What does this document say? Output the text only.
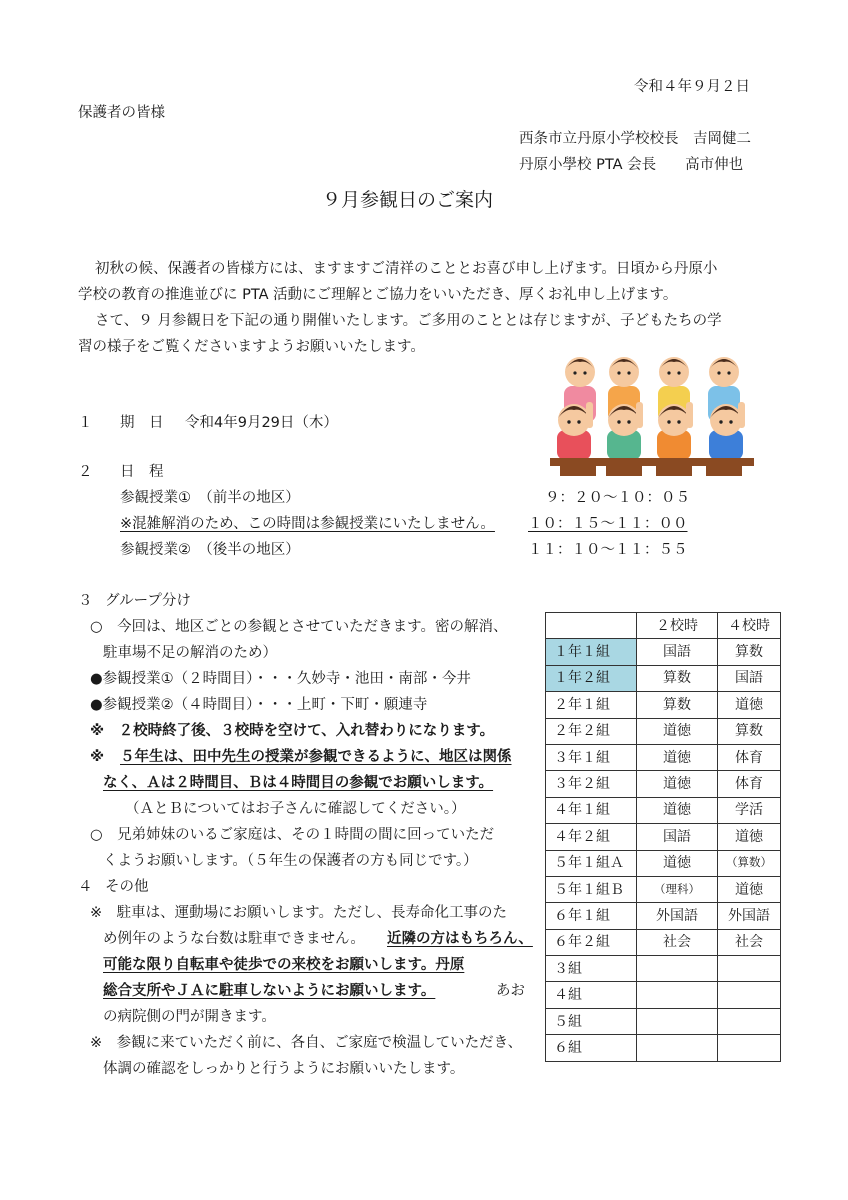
令和４年９月２日
保護者の皆様
西条市立丹原小学校校長　吉岡健二
丹原小學校 PTA 会長　　高市伸也
９月参観日のご案内
初秋の候、保護者の皆様方には、ますますご清祥のこととお喜び申し上げます。日頃から丹原小
学校の教育の推進並びに PTA 活動にご理解とご協力をいいただき、厚くお礼申し上げます。
さて、９ 月参観日を下記の通り開催いたします。ご多用のこととは存じますが、子どもたちの学
習の様子をご覧くださいますようお願いいたします。
１ 期　日 令和4年9月29日（木）
２ 日　程
参観授業①　（前半の地区）	９：２０～１０：０５
※混雑解消のため、この時間は参観授業にいたしません。 １０：１５～１１：００
参観授業②　（後半の地区）	１１：１０～１１：５５
３ グループ分け
○　今回は、地区ごとの参観とさせていただきます。密の解消、
駐車場不足の解消のため）
●参観授業①（２時間目）・・・久妙寺・池田・南部・今井
●参観授業②（４時間目）・・・上町・下町・願連寺
※　２校時終了後、３校時を空けて、入れ替わりになります。
※ ５年生は、田中先生の授業が参観できるように、地区は関係
なく、Ａは２時間目、Ｂは４時間目の参観でお願いします。
（ＡとＢについてはお子さんに確認してください。）
○　兄弟姉妹のいるご家庭は、その１時間の間に回っていただ
くようお願いします。（５年生の保護者の方も同じです。）
４ その他
※　駐車は、運動場にお願いします。ただし、長寿命化工事のた
め例年のような台数は駐車できません。 近隣の方はもちろん、
可能な限り自転車や徒歩での来校をお願いします。丹原
総合支所やＪＡに駐車しないようにお願いします。	あお
の病院側の門が開きます。
※　参観に来ていただく前に、各自、ご家庭で検温していただき、
体調の確認をしっかりと行うようにお願いいたします。
	２校時	４校時
１年１組	国語	算数
１年２組	算数	国語
２年１組	算数	道徳
２年２組	道徳	算数
３年１組	道徳	体育
３年２組	道徳	体育
４年１組	道徳	学活
４年２組	国語	道徳
５年１組Ａ	道徳	（算数）
５年１組Ｂ	（理科）	道徳
６年１組	外国語	外国語
６年２組	社会	社会
３組		
４組		
５組		
６組		
